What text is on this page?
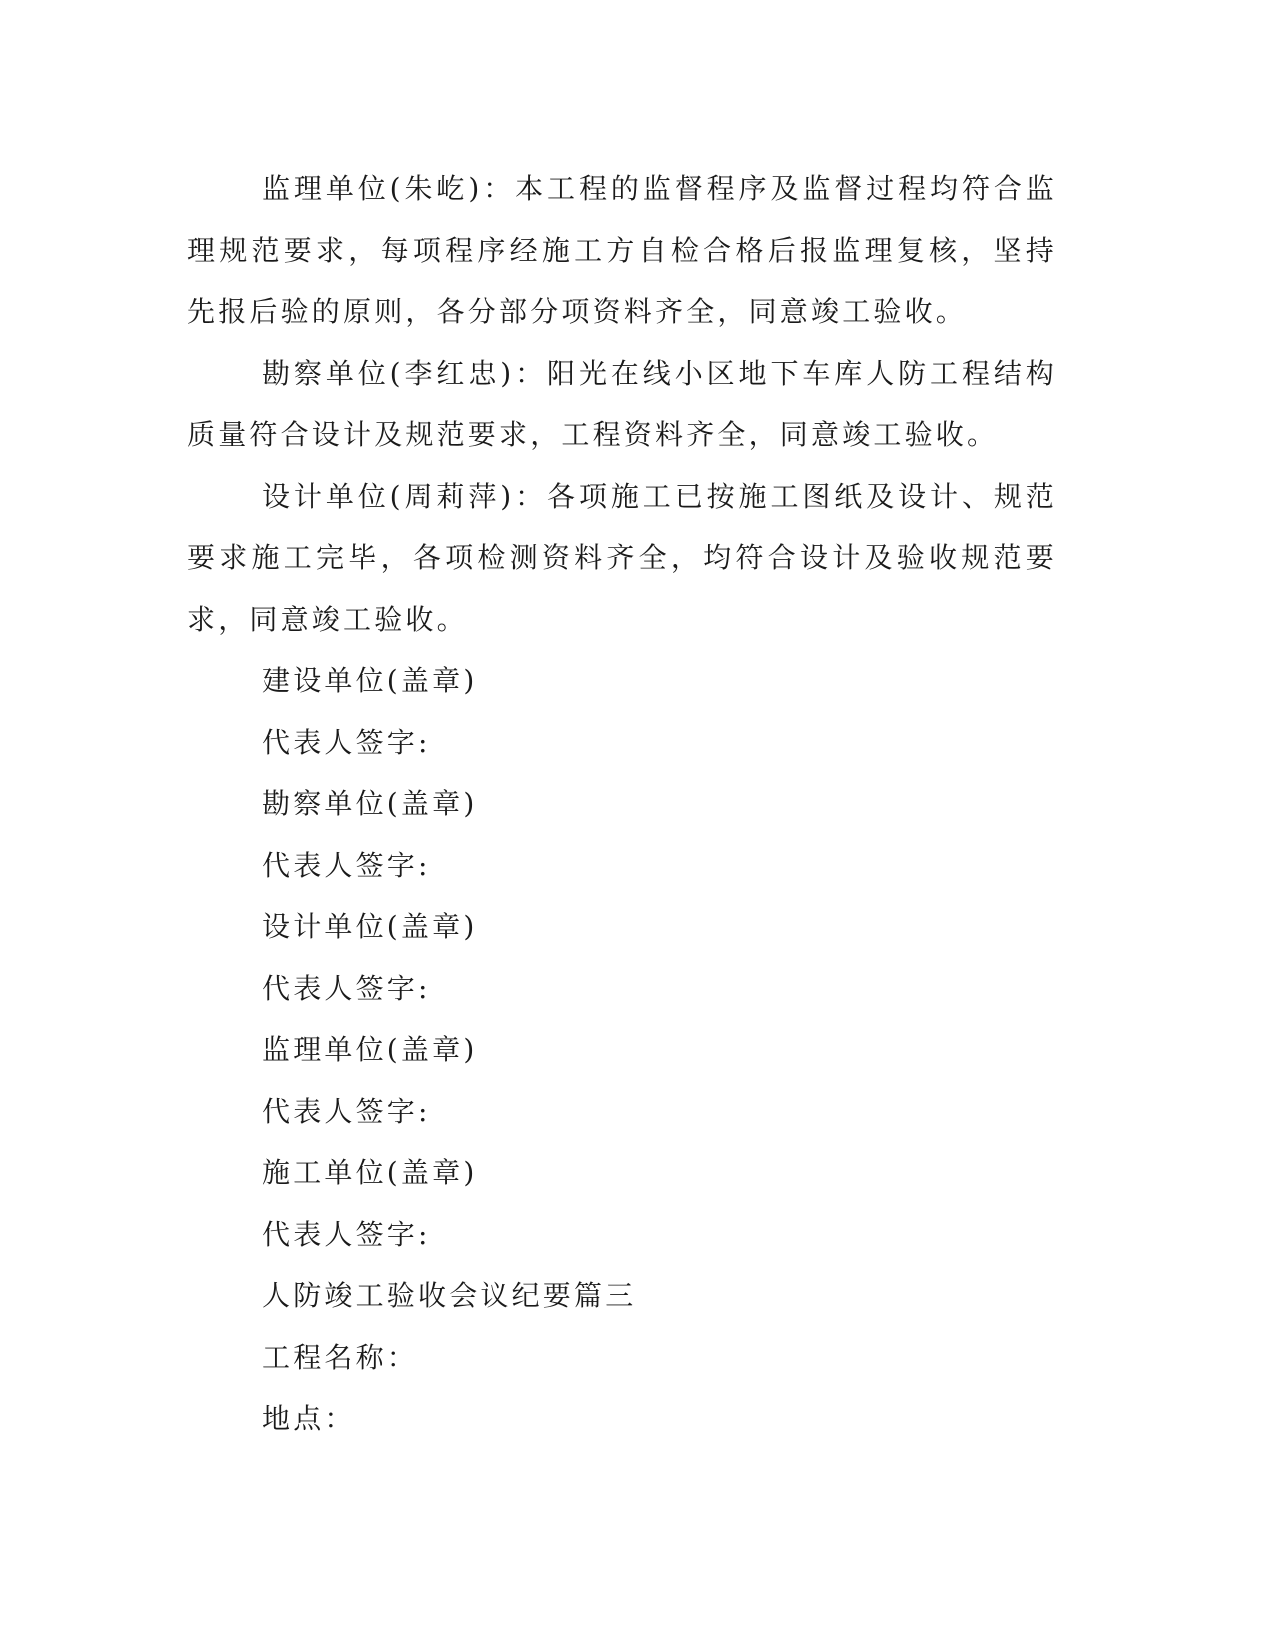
监理单位(朱屹)：本工程的监督程序及监督过程均符合监理规范要求，每项程序经施工方自检合格后报监理复核，坚持先报后验的原则，各分部分项资料齐全，同意竣工验收。

勘察单位(李红忠)：阳光在线小区地下车库人防工程结构质量符合设计及规范要求，工程资料齐全，同意竣工验收。

设计单位(周莉萍)：各项施工已按施工图纸及设计、规范要求施工完毕，各项检测资料齐全，均符合设计及验收规范要求，同意竣工验收。

建设单位(盖章)

代表人签字:

勘察单位(盖章)

代表人签字:

设计单位(盖章)

代表人签字:

监理单位(盖章)

代表人签字:

施工单位(盖章)

代表人签字:

人防竣工验收会议纪要篇三

工程名称：

地点：
